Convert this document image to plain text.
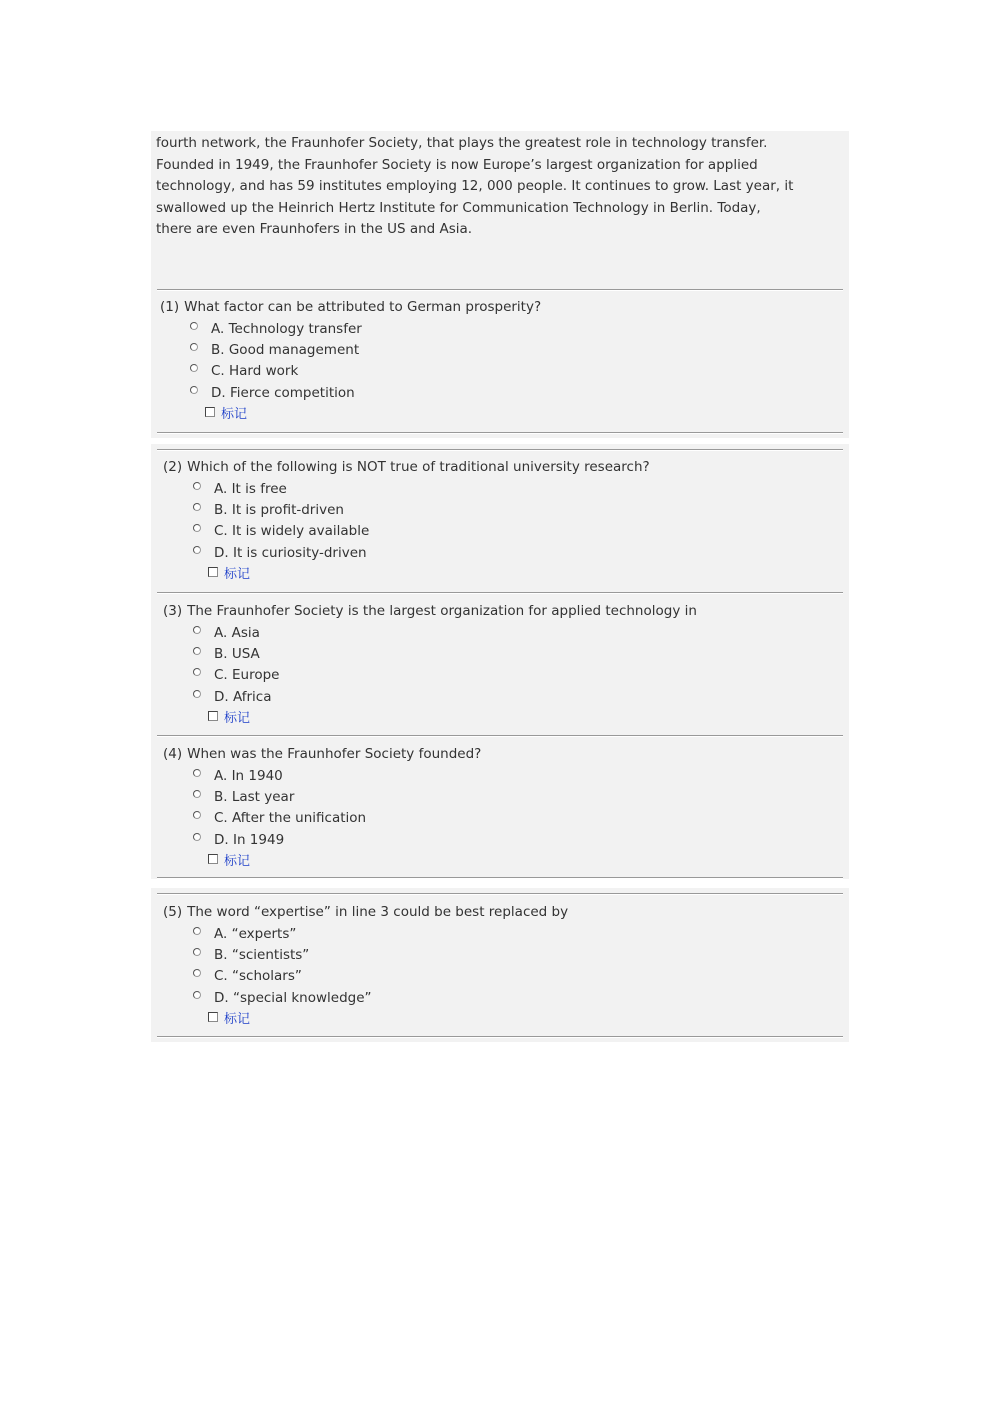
fourth network, the Fraunhofer Society, that plays the greatest role in technology transfer.

Founded in 1949, the Fraunhofer Society is now Europe’s largest organization for applied

technology, and has 59 institutes employing 12, 000 people. It continues to grow. Last year, it

swallowed up the Heinrich Hertz Institute for Communication Technology in Berlin. Today,

there are even Fraunhofers in the US and Asia.

(1) What factor can be attributed to German prosperity?
A. Technology transfer
B. Good management
C. Hard work
D. Fierce competition
标记
(2) Which of the following is NOT true of traditional university research?
A. It is free
B. It is profit-driven
C. It is widely available
D. It is curiosity-driven
标记
(3) The Fraunhofer Society is the largest organization for applied technology in
A. Asia
B. USA
C. Europe
D. Africa
标记
(4) When was the Fraunhofer Society founded?
A. In 1940
B. Last year
C. After the unification
D. In 1949
标记
(5) The word “expertise” in line 3 could be best replaced by
A. “experts”
B. “scientists”
C. “scholars”
D. “special knowledge”
标记
